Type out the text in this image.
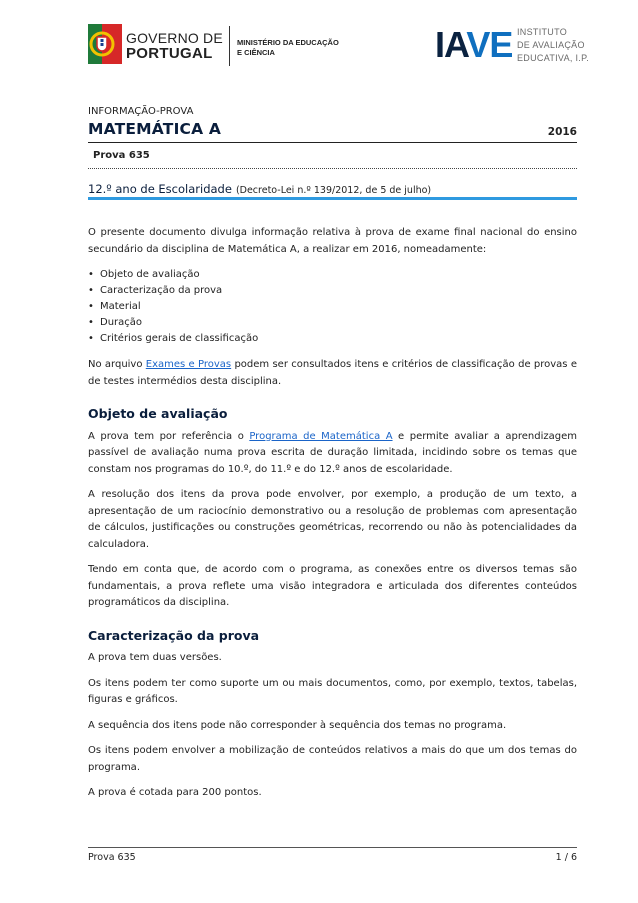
GOVERNO DE
PORTUGAL
MINISTÉRIO DA EDUCAÇÃO
E CIÊNCIA	IAVE INSTITUTO
DE AVALIAÇÃO
EDUCATIVA, I.P.
INFORMAÇÃO-PROVA
MATEMÁTICA A	2016
Prova 635
12.º ano de Escolaridade (Decreto-Lei n.º 139/2012, de 5 de julho)

O presente documento divulga informação relativa à prova de exame final nacional do ensino secundário da disciplina de Matemática A, a realizar em 2016, nomeadamente:

• Objeto de avaliação
• Caracterização da prova
• Material
• Duração
• Critérios gerais de classificação

No arquivo Exames e Provas podem ser consultados itens e critérios de classificação de provas e de testes intermédios desta disciplina.

Objeto de avaliação

A prova tem por referência o Programa de Matemática A e permite avaliar a aprendizagem passível de avaliação numa prova escrita de duração limitada, incidindo sobre os temas que constam nos programas do 10.º, do 11.º e do 12.º anos de escolaridade.

A resolução dos itens da prova pode envolver, por exemplo, a produção de um texto, a apresentação de um raciocínio demonstrativo ou a resolução de problemas com apresentação de cálculos, justificações ou construções geométricas, recorrendo ou não às potencialidades da calculadora.

Tendo em conta que, de acordo com o programa, as conexões entre os diversos temas são fundamentais, a prova reflete uma visão integradora e articulada dos diferentes conteúdos programáticos da disciplina.

Caracterização da prova

A prova tem duas versões.

Os itens podem ter como suporte um ou mais documentos, como, por exemplo, textos, tabelas, figuras e gráficos.

A sequência dos itens pode não corresponder à sequência dos temas no programa.

Os itens podem envolver a mobilização de conteúdos relativos a mais do que um dos temas do programa.

A prova é cotada para 200 pontos.

Prova 635	1 / 6
